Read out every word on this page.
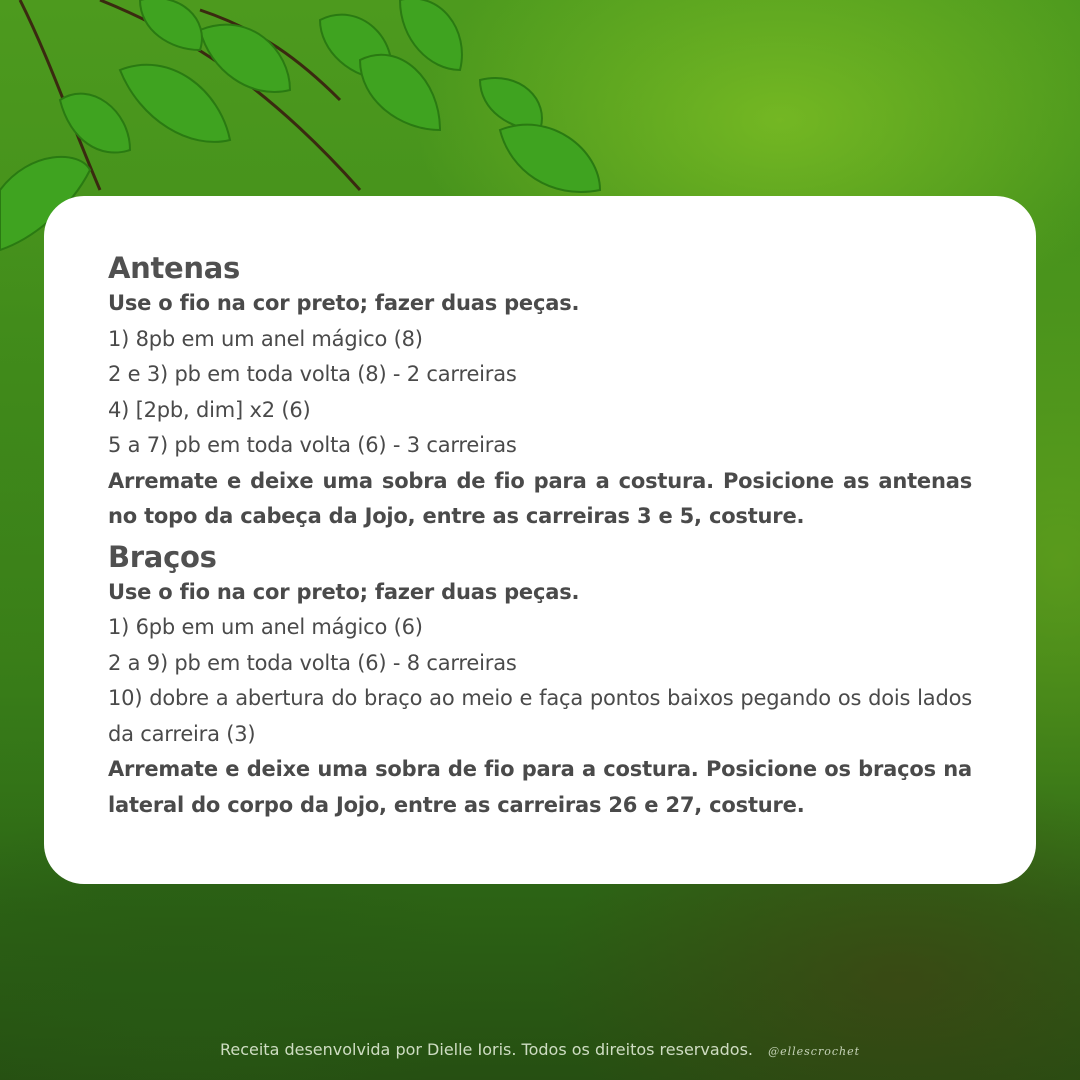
Antenas
Use o fio na cor preto; fazer duas peças.
1) 8pb em um anel mágico (8)
2 e 3) pb em toda volta (8) - 2 carreiras
4) [2pb, dim] x2 (6)
5 a 7) pb em toda volta (6) - 3 carreiras
Arremate e deixe uma sobra de fio para a costura. Posicione as antenas no topo da cabeça da Jojo, entre as carreiras 3 e 5, costure.
Braços
Use o fio na cor preto; fazer duas peças.
1) 6pb em um anel mágico (6)
2 a 9) pb em toda volta (6) - 8 carreiras
10) dobre a abertura do braço ao meio e faça pontos baixos pegando os dois lados da carreira (3)
Arremate e deixe uma sobra de fio para a costura. Posicione os braços na lateral do corpo da Jojo, entre as carreiras 26 e 27, costure.
Receita desenvolvida por Dielle Ioris. Todos os direitos reservados. @ellescrochet
